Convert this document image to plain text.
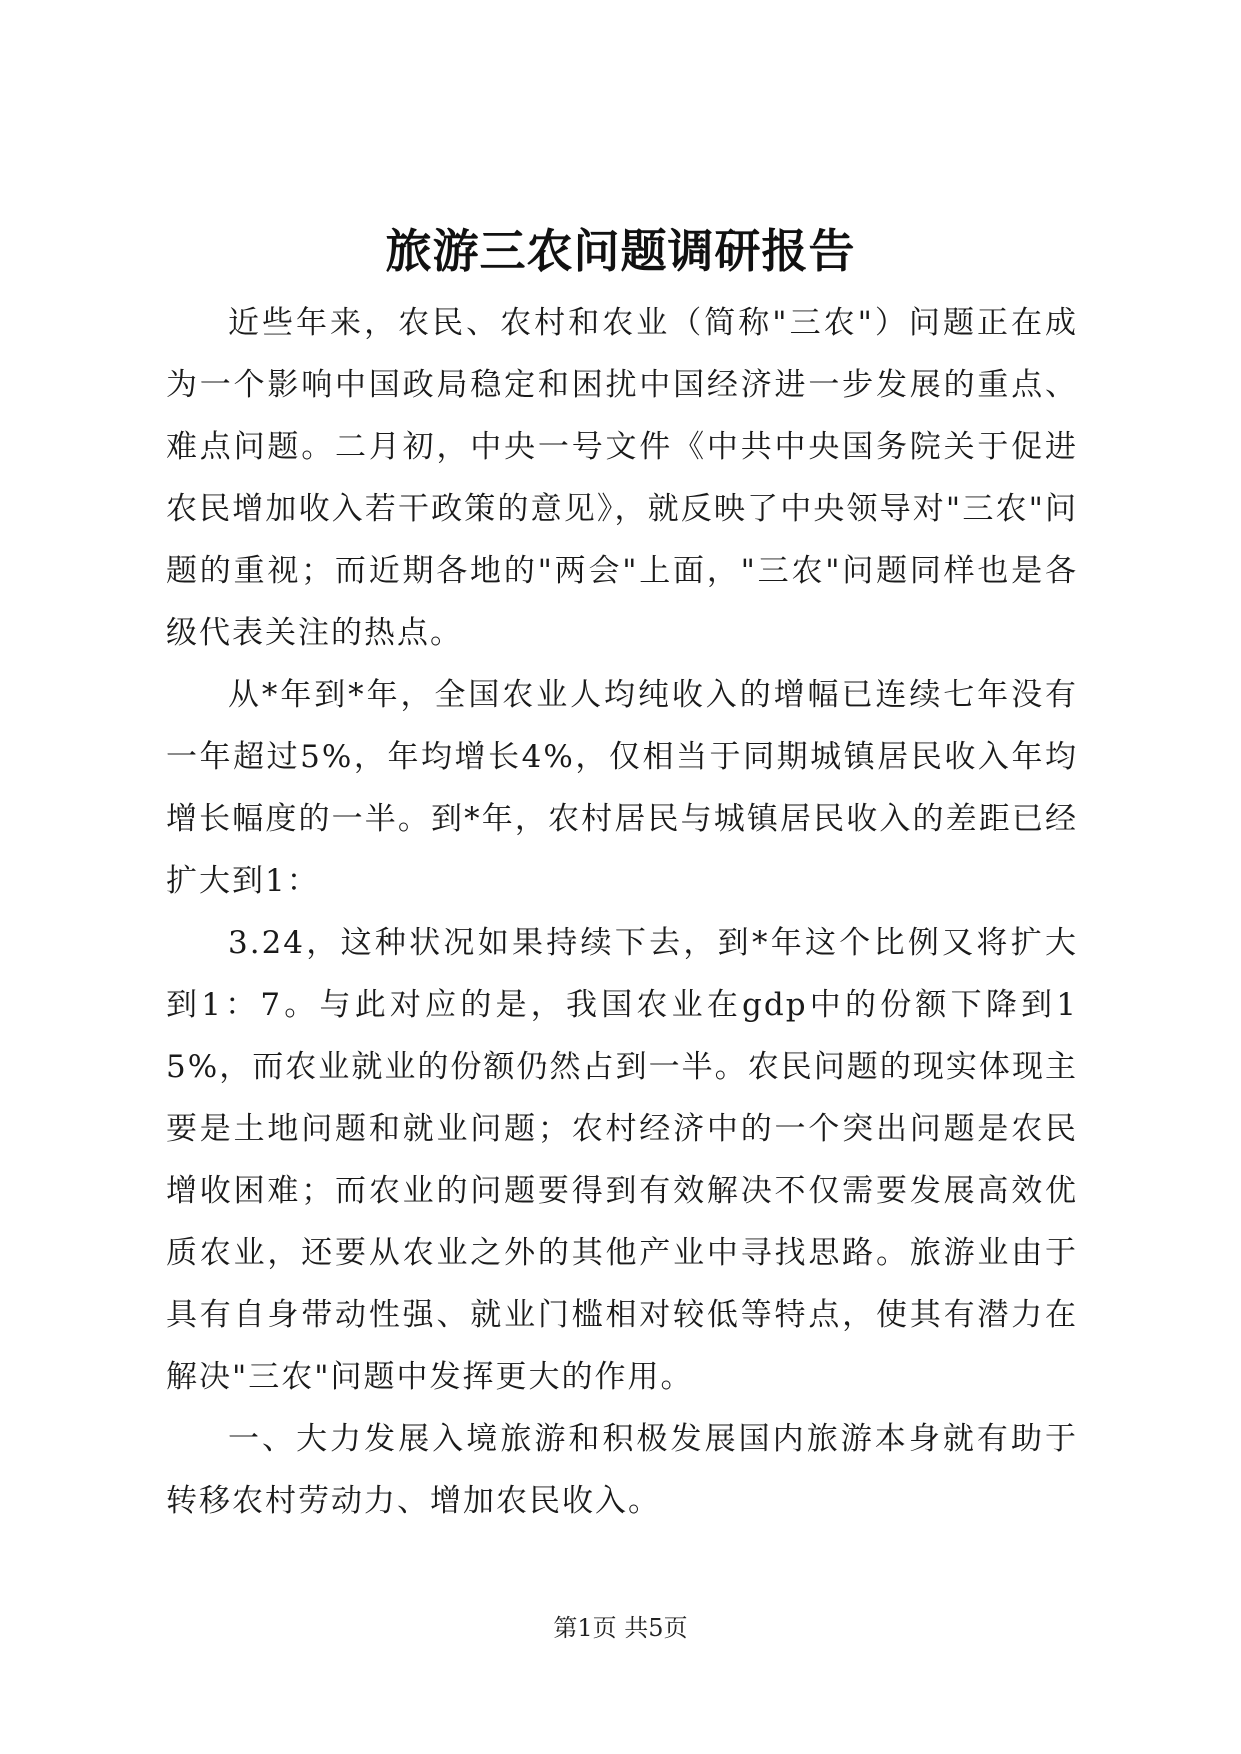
旅游三农问题调研报告

近些年来，农民、农村和农业（简称"三农"）问题正在成为一个影响中国政局稳定和困扰中国经济进一步发展的重点、难点问题。二月初，中央一号文件《中共中央国务院关于促进农民增加收入若干政策的意见》，就反映了中央领导对"三农"问题的重视；而近期各地的"两会"上面，"三农"问题同样也是各级代表关注的热点。

从*年到*年，全国农业人均纯收入的增幅已连续七年没有一年超过5%，年均增长4%，仅相当于同期城镇居民收入年均增长幅度的一半。到*年，农村居民与城镇居民收入的差距已经扩大到1：

3.24，这种状况如果持续下去，到*年这个比例又将扩大到1：7。与此对应的是，我国农业在gdp中的份额下降到15%，而农业就业的份额仍然占到一半。农民问题的现实体现主要是土地问题和就业问题；农村经济中的一个突出问题是农民增收困难；而农业的问题要得到有效解决不仅需要发展高效优质农业，还要从农业之外的其他产业中寻找思路。旅游业由于具有自身带动性强、就业门槛相对较低等特点，使其有潜力在解决"三农"问题中发挥更大的作用。

一、大力发展入境旅游和积极发展国内旅游本身就有助于转移农村劳动力、增加农民收入。

第1页 共5页
